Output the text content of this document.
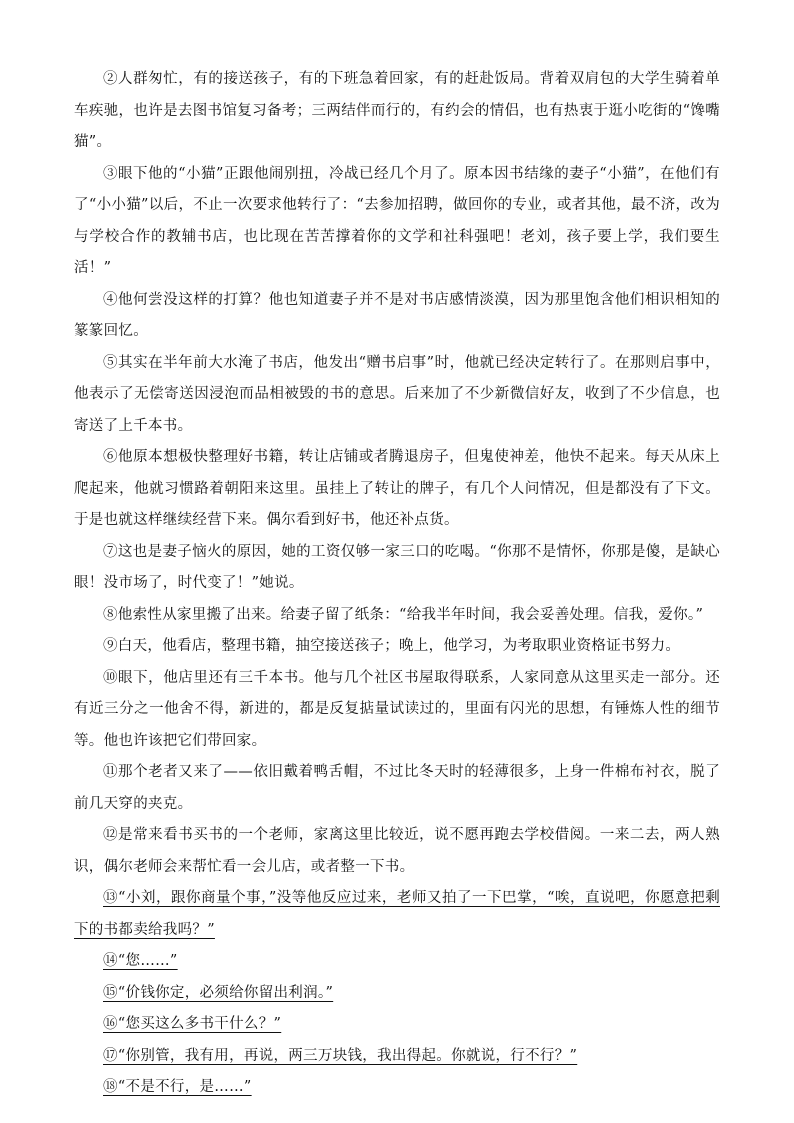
②人群匆忙，有的接送孩子，有的下班急着回家，有的赶赴饭局。背着双肩包的大学生骑着单车疾驰，也许是去图书馆复习备考；三两结伴而行的，有约会的情侣，也有热衷于逛小吃街的“馋嘴猫”。

③眼下他的“小猫”正跟他闹别扭，冷战已经几个月了。原本因书结缘的妻子“小猫”，在他们有了“小小猫”以后，不止一次要求他转行了：“去参加招聘，做回你的专业，或者其他，最不济，改为与学校合作的教辅书店，也比现在苦苦撑着你的文学和社科强吧！老刘，孩子要上学，我们要生活！”

④他何尝没这样的打算？他也知道妻子并不是对书店感情淡漠，因为那里饱含他们相识相知的篆篆回忆。

⑤其实在半年前大水淹了书店，他发出“赠书启事”时，他就已经决定转行了。在那则启事中，他表示了无偿寄送因浸泡而品相被毁的书的意思。后来加了不少新微信好友，收到了不少信息，也寄送了上千本书。

⑥他原本想极快整理好书籍，转让店铺或者腾退房子，但鬼使神差，他快不起来。每天从床上爬起来，他就习惯路着朝阳来这里。虽挂上了转让的牌子，有几个人问情况，但是都没有了下文。于是也就这样继续经营下来。偶尔看到好书，他还补点货。

⑦这也是妻子恼火的原因，她的工资仅够一家三口的吃喝。“你那不是情怀，你那是傻，是缺心眼！没市场了，时代变了！”她说。

⑧他索性从家里搬了出来。给妻子留了纸条：“给我半年时间，我会妥善处理。信我，爱你。”

⑨白天，他看店，整理书籍，抽空接送孩子；晚上，他学习，为考取职业资格证书努力。

⑩眼下，他店里还有三千本书。他与几个社区书屋取得联系，人家同意从这里买走一部分。还有近三分之一他舍不得，新进的，都是反复掂量试读过的，里面有闪光的思想，有锤炼人性的细节等。他也许该把它们带回家。

⑪那个老者又来了——依旧戴着鸭舌帽，不过比冬天时的轻薄很多，上身一件棉布衬衣，脱了前几天穿的夹克。

⑫是常来看书买书的一个老师，家离这里比较近，说不愿再跑去学校借阅。一来二去，两人熟识，偶尔老师会来帮忙看一会儿店，或者整一下书。

⑬“小刘，跟你商量个事，”没等他反应过来，老师又拍了一下巴掌，“唉，直说吧，你愿意把剩下的书都卖给我吗？”

⑭“您……”

⑮“价钱你定，必须给你留出利润。”

⑯“您买这么多书干什么？”

⑰“你别管，我有用，再说，两三万块钱，我出得起。你就说，行不行？”

⑱“不是不行，是……”
